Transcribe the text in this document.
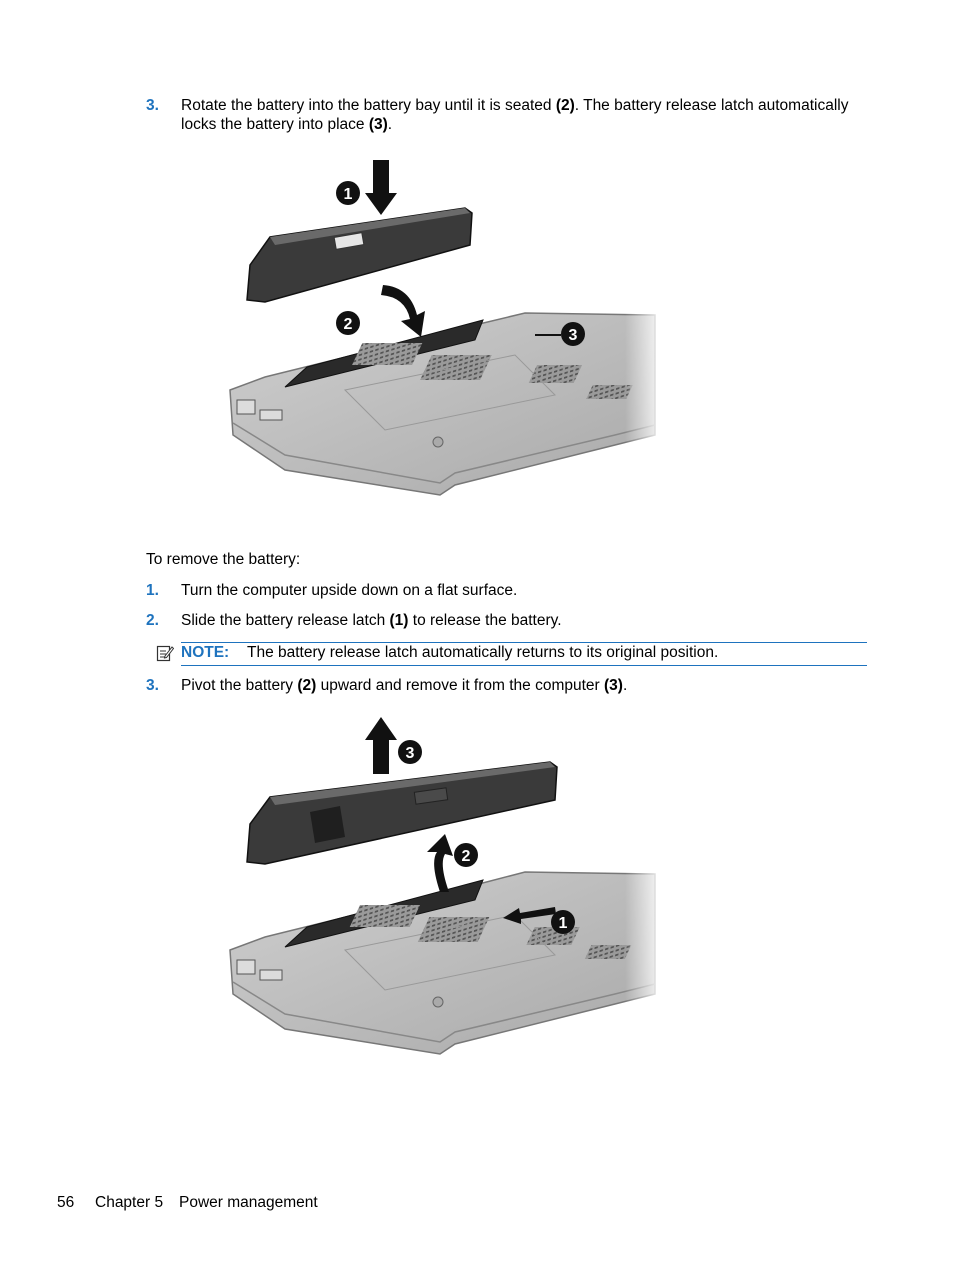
3. Rotate the battery into the battery bay until it is seated (2). The battery release latch automatically locks the battery into place (3).
1
2
3
To remove the battery:
1. Turn the computer upside down on a flat surface.
2. Slide the battery release latch (1) to release the battery.
NOTE: The battery release latch automatically returns to its original position.
3. Pivot the battery (2) upward and remove it from the computer (3).
3
2
1
56 Chapter 5 Power management
